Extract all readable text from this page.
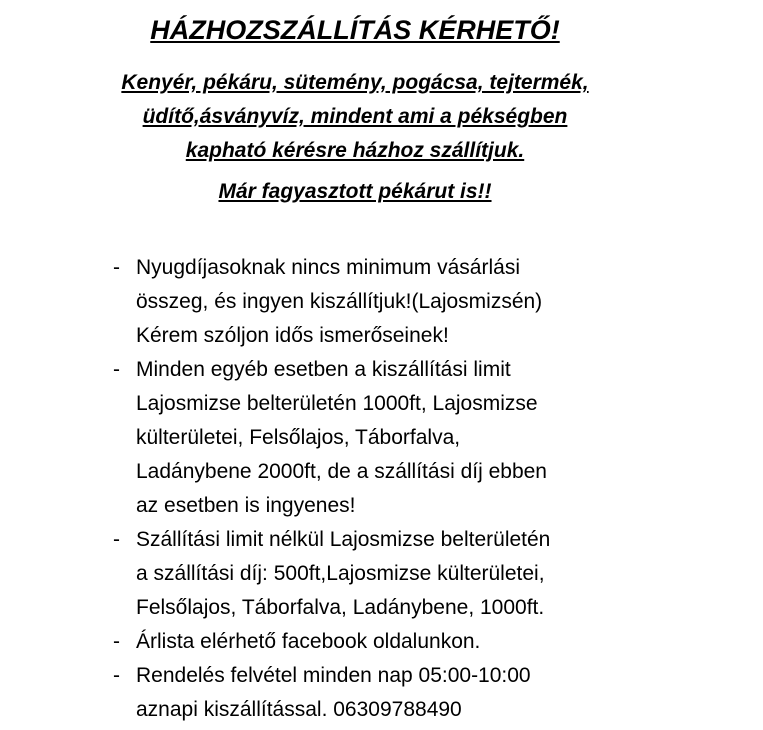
HÁZHOZSZÁLLÍTÁS KÉRHETŐ!
Kenyér, pékáru, sütemény, pogácsa, tejtermék,
üdítő,ásványvíz, mindent ami a pékségben
kapható kérésre házhoz szállítjuk.
Már fagyasztott pékárut is!!
- Nyugdíjasoknak nincs minimum vásárlási
összeg, és ingyen kiszállítjuk!(Lajosmizsén)
Kérem szóljon idős ismerőseinek!
- Minden egyéb esetben a kiszállítási limit
Lajosmizse belterületén 1000ft, Lajosmizse
külterületei, Felsőlajos, Táborfalva,
Ladánybene 2000ft, de a szállítási díj ebben
az esetben is ingyenes!
- Szállítási limit nélkül Lajosmizse belterületén
a szállítási díj: 500ft,Lajosmizse külterületei,
Felsőlajos, Táborfalva, Ladánybene, 1000ft.
- Árlista elérhető facebook oldalunkon.
- Rendelés felvétel minden nap 05:00-10:00
aznapi kiszállítással. 06309788490
